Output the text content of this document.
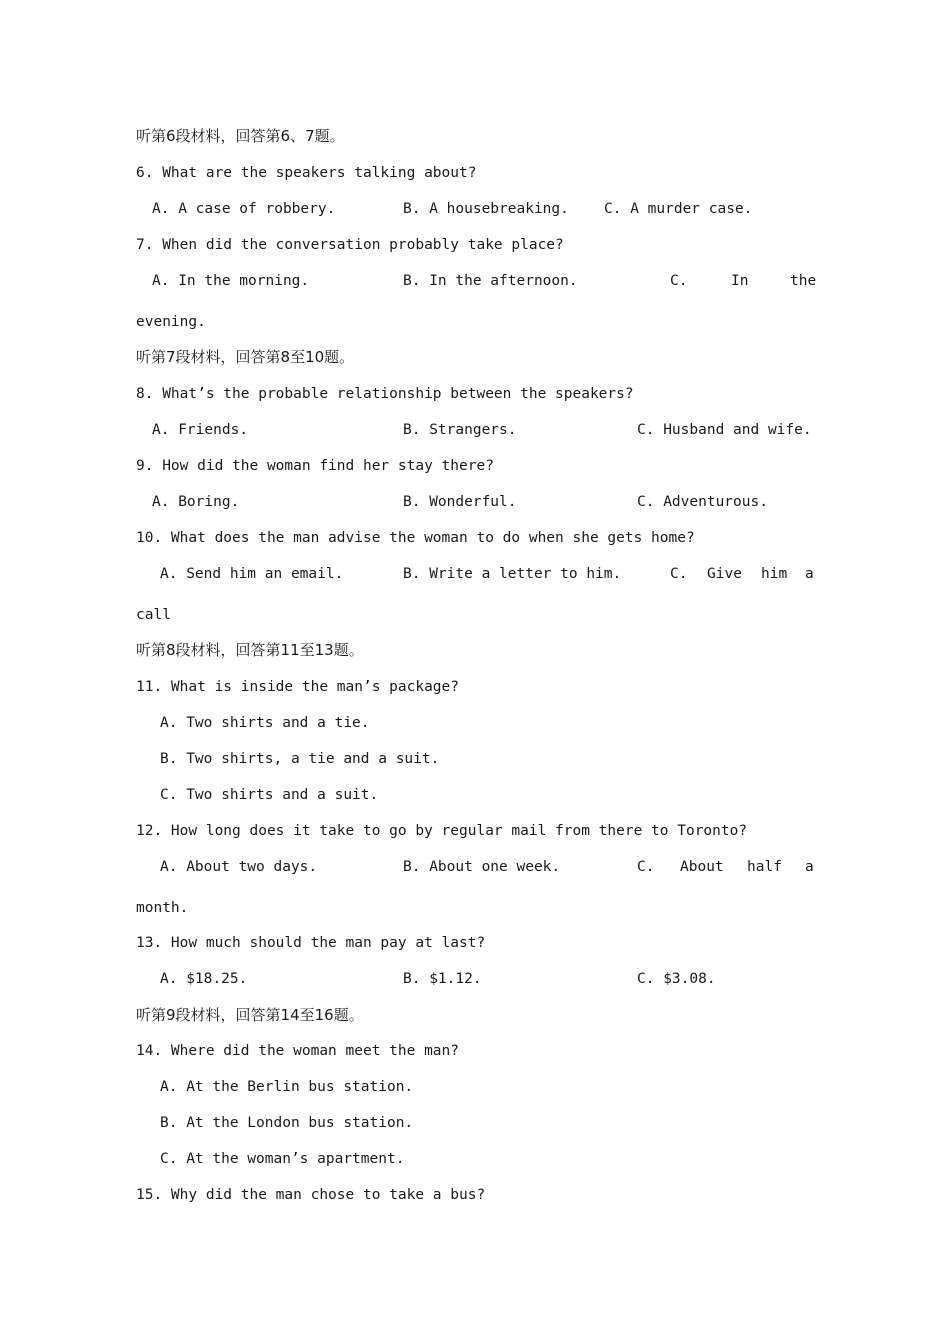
听第6段材料，回答第6、7题。
6. What are the speakers talking about?
A. A case of robbery.	B. A housebreaking. C. A murder case.
7. When did the conversation probably take place?
A. In the morning.	B. In the afternoon.	C.	In	the
evening.
听第7段材料，回答第8至10题。
8. What’s the probable relationship between the speakers?
A. Friends.	B. Strangers.	C. Husband and wife.
9. How did the woman find her stay there?
A. Boring.	B. Wonderful.	C. Adventurous.
10. What does the man advise the woman to do when she gets home?
A. Send him an email.	B. Write a letter to him.	C. Give him a
call
听第8段材料，回答第11至13题。
11. What is inside the man’s package?
A. Two shirts and a tie.
B. Two shirts, a tie and a suit.
C. Two shirts and a suit.
12. How long does it take to go by regular mail from there to Toronto?
A. About two days.	B. About one week.	C. About half a
month.
13. How much should the man pay at last?
A. $18.25.	B. $1.12.	C. $3.08.
听第9段材料，回答第14至16题。
14. Where did the woman meet the man?
A. At the Berlin bus station.
B. At the London bus station.
C. At the woman’s apartment.
15. Why did the man chose to take a bus?
